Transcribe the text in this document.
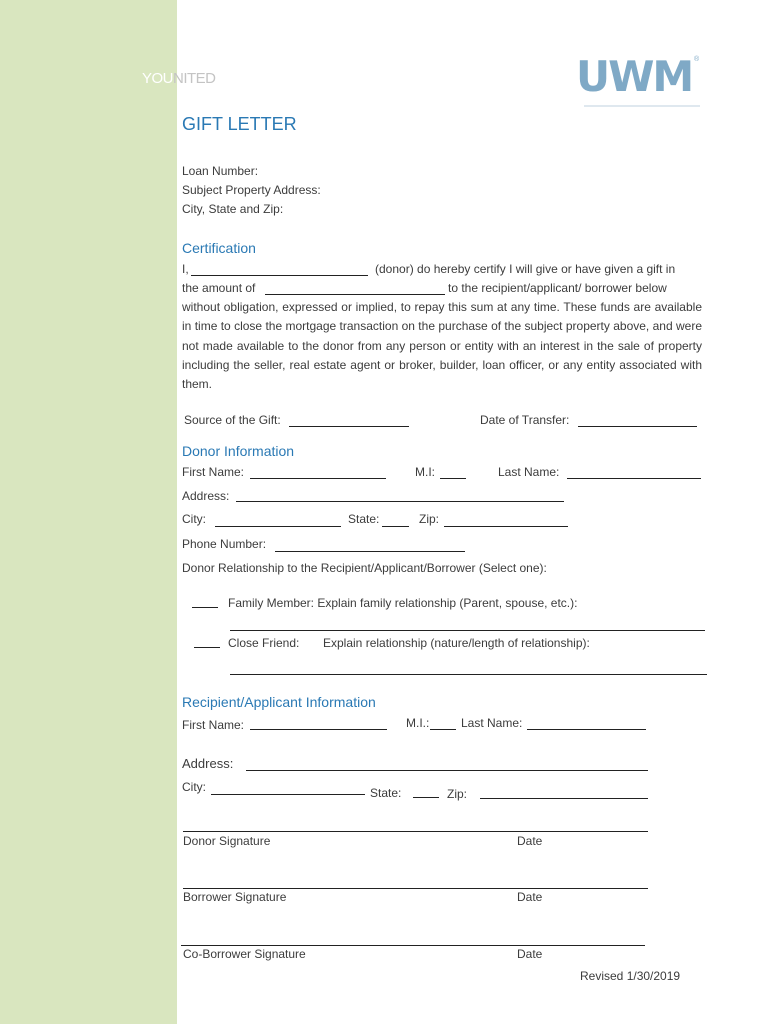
YOUNITED	UWM ®
GIFT LETTER
Loan Number:
Subject Property Address:
City, State and Zip:
Certification
I,	(donor) do hereby certify I will give or have given a gift in
the amount of	to the recipient/applicant/ borrower below
without obligation, expressed or implied, to repay this sum at any time. These funds are available in time to close the mortgage transaction on the purchase of the subject property above, and were not made available to the donor from any person or entity with an interest in the sale of property including the seller, real estate agent or broker, builder, loan officer, or any entity associated with them.
Source of the Gift:	Date of Transfer:
Donor Information
First Name:	M.I:	Last Name:
Address:
City:	State:	Zip:
Phone Number:
Donor Relationship to the Recipient/Applicant/Borrower (Select one):
Family Member: Explain family relationship (Parent, spouse, etc.):
Close Friend: Explain relationship (nature/length of relationship):
Recipient/Applicant Information
First Name:	M.I.:	Last Name:
Address:
City:	State:	Zip:
Donor Signature	Date
Borrower Signature	Date
Co-Borrower Signature	Date
Revised 1/30/2019
